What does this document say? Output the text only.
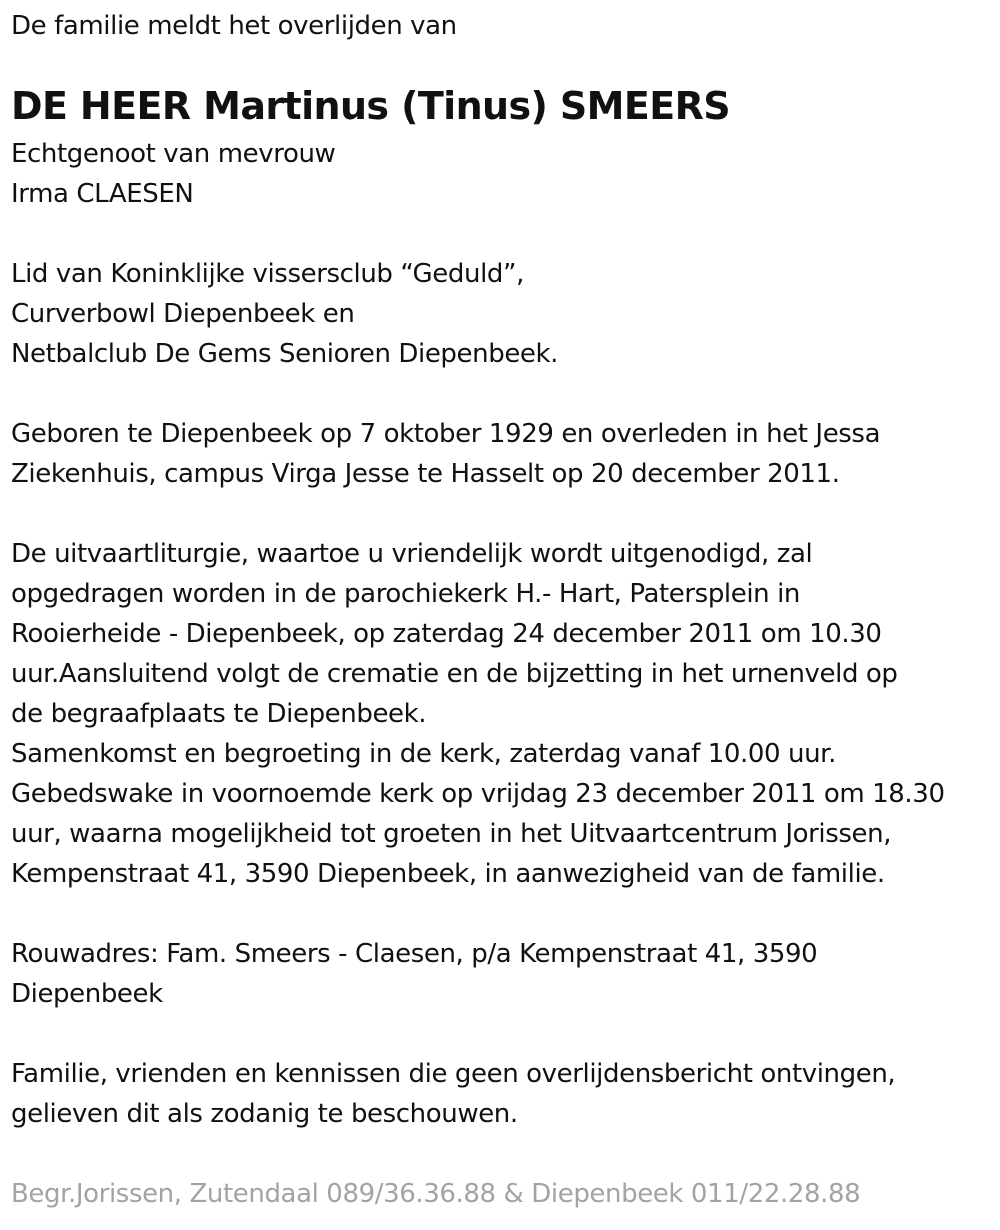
De familie meldt het overlijden van
DE HEER Martinus (Tinus) SMEERS
Echtgenoot van mevrouw
Irma CLAESEN
Lid van Koninklijke vissersclub “Geduld”,
Curverbowl Diepenbeek en
Netbalclub De Gems Senioren Diepenbeek.
Geboren te Diepenbeek op 7 oktober 1929 en overleden in het Jessa
Ziekenhuis, campus Virga Jesse te Hasselt op 20 december 2011.
De uitvaartliturgie, waartoe u vriendelijk wordt uitgenodigd, zal
opgedragen worden in de parochiekerk H.- Hart, Patersplein in
Rooierheide - Diepenbeek, op zaterdag 24 december 2011 om 10.30
uur.Aansluitend volgt de crematie en de bijzetting in het urnenveld op
de begraafplaats te Diepenbeek.
Samenkomst en begroeting in de kerk, zaterdag vanaf 10.00 uur.
Gebedswake in voornoemde kerk op vrijdag 23 december 2011 om 18.30
uur, waarna mogelijkheid tot groeten in het Uitvaartcentrum Jorissen,
Kempenstraat 41, 3590 Diepenbeek, in aanwezigheid van de familie.
Rouwadres: Fam. Smeers - Claesen, p/a Kempenstraat 41, 3590
Diepenbeek
Familie, vrienden en kennissen die geen overlijdensbericht ontvingen,
gelieven dit als zodanig te beschouwen.
Begr.Jorissen, Zutendaal 089/36.36.88 & Diepenbeek 011/22.28.88
